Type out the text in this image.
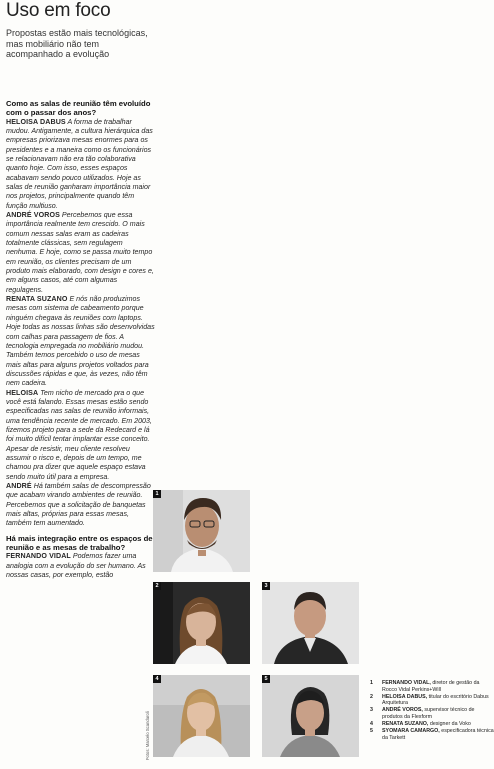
Uso em foco
Propostas estão mais tecnológicas, mas mobiliário não tem acompanhado a evolução
Como as salas de reunião têm evoluído com o passar dos anos?

HELOISA DABUS A forma de trabalhar mudou. Antigamente, a cultura hierárquica das empresas priorizava mesas enormes para os presidentes e a maneira como os funcionários se relacionavam não era tão colaborativa quanto hoje. Com isso, esses espaços acabavam sendo pouco utilizados. Hoje as salas de reunião ganharam importância maior nos projetos, principalmente quando têm função multiuso.

ANDRÉ VOROS Percebemos que essa importância realmente tem crescido. O mais comum nessas salas eram as cadeiras totalmente clássicas, sem regulagem nenhuma. E hoje, como se passa muito tempo em reunião, os clientes precisam de um produto mais elaborado, com design e cores e, em alguns casos, até com algumas regulagens.

RENATA SUZANO E nós não produzimos mesas com sistema de cabeamento porque ninguém chegava às reuniões com laptops. Hoje todas as nossas linhas são desenvolvidas com calhas para passagem de fios. A tecnologia empregada no mobiliário mudou. Também temos percebido o uso de mesas mais altas para alguns projetos voltados para discussões rápidas e que, às vezes, não têm nem cadeira.

HELOISA Tem nicho de mercado pra o que você está falando. Essas mesas estão sendo especificadas nas salas de reunião informais, uma tendência recente de mercado. Em 2003, fizemos projeto para a sede da Redecard e lá foi muito difícil tentar implantar esse conceito. Apesar de resistir, meu cliente resolveu assumir o risco e, depois de um tempo, me chamou pra dizer que aquele espaço estava sendo muito útil para a empresa.

ANDRÉ Há também salas de descompressão que acabam virando ambientes de reunião. Percebemos que a solicitação de banquetas mais altas, próprias para essas mesas, também tem aumentado.

Há mais integração entre os espaços de reunião e as mesas de trabalho?

FERNANDO VIDAL Podemos fazer uma analogia com a evolução do ser humano. As nossas casas, por exemplo, estão

1
2	3
4	5
Fotos: Marcelo Scandaroli
1	FERNANDO VIDAL, diretor de gestão da Rocco Vidal Perkins+Will
2	HELOISA DABUS, titular do escritório Dabus Arquitetura
3	ANDRÉ VOROS, supervisor técnico de produtos da Flexform
4	RENATA SUZANO, designer da Voko
5	SYOMARA CAMARGO, especificadora técnica da Tarkett
